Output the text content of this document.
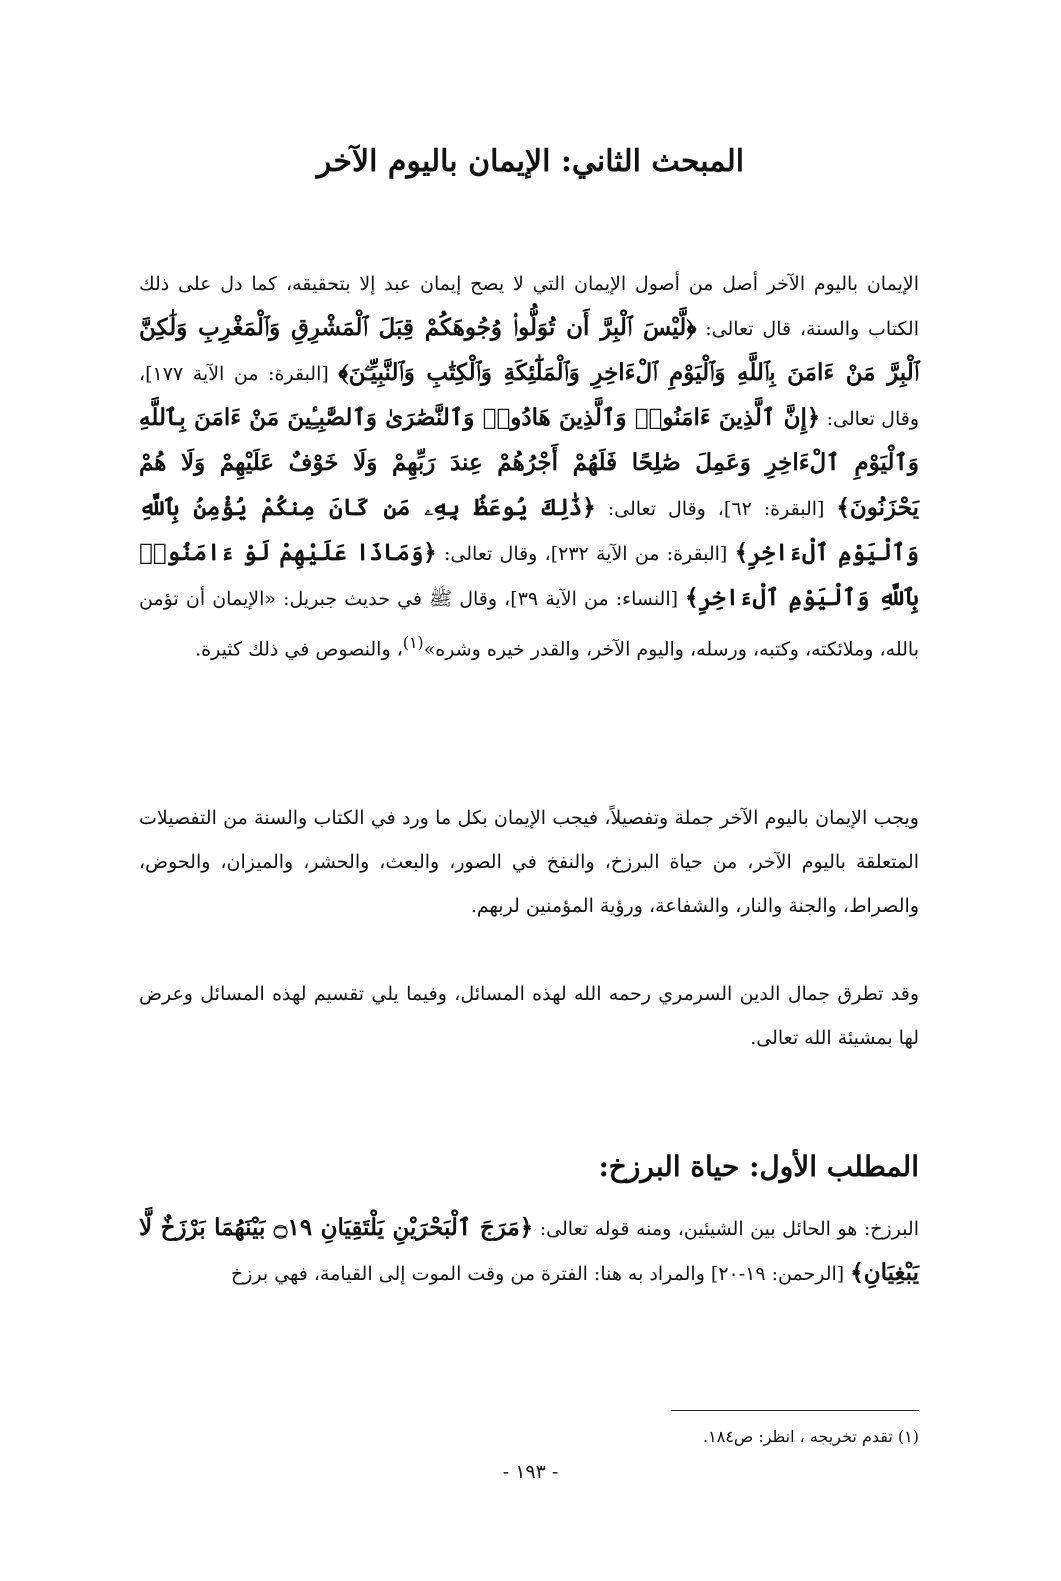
المبحث الثاني: الإيمان باليوم الآخر

الإيمان باليوم الآخر أصل من أصول الإيمان التي لا يصح إيمان عبد إلا بتحقيقه، كما دل على ذلك الكتاب والسنة، قال تعالى: ﴿لَّيْسَ ٱلْبِرَّ أَن تُوَلُّوا۟ وُجُوهَكُمْ قِبَلَ ٱلْمَشْرِقِ وَٱلْمَغْرِبِ وَلَٰكِنَّ ٱلْبِرَّ مَنْ ءَامَنَ بِٱللَّهِ وَٱلْيَوْمِ ٱلْءَاخِرِ وَٱلْمَلَٰٓئِكَةِ وَٱلْكِتَٰبِ وَٱلنَّبِيِّـۧنَ﴾ [البقرة: من الآية ١٧٧]، وقال تعالى: ﴿إِنَّ ٱلَّذِينَ ءَامَنُوا۟ وَٱلَّذِينَ هَادُوا۟ وَٱلنَّصَٰرَىٰ وَٱلصَّٰبِـِٔينَ مَنْ ءَامَنَ بِٱللَّهِ وَٱلْيَوْمِ ٱلْءَاخِرِ وَعَمِلَ صَٰلِحًا فَلَهُمْ أَجْرُهُمْ عِندَ رَبِّهِمْ وَلَا خَوْفٌ عَلَيْهِمْ وَلَا هُمْ يَحْزَنُونَ﴾ [البقرة: ٦٢]، وقال تعالى: ﴿ذَٰلِكَ يُوعَظُ بِهِۦ مَن كَانَ مِنكُمْ يُؤْمِنُ بِٱللَّهِ وَٱلْيَوْمِ ٱلْءَاخِرِ﴾ [البقرة: من الآية ٢٣٢]، وقال تعالى: ﴿وَمَاذَا عَلَيْهِمْ لَوْ ءَامَنُوا۟ بِٱللَّهِ وَٱلْيَوْمِ ٱلْءَاخِرِ﴾ [النساء: من الآية ٣٩]، وقال ﷺ في حديث جبريل: «الإيمان أن تؤمن بالله، وملائكته، وكتبه، ورسله، واليوم الآخر، والقدر خيره وشره»$^{(١)}$، والنصوص في ذلك كثيرة.

ويجب الإيمان باليوم الآخر جملة وتفصيلاً، فيجب الإيمان بكل ما ورد في الكتاب والسنة من التفصيلات المتعلقة باليوم الآخر، من حياة البرزخ، والنفخ في الصور، والبعث، والحشر، والميزان، والحوض، والصراط، والجنة والنار، والشفاعة، ورؤية المؤمنين لربهم.

وقد تطرق جمال الدين السرمري رحمه الله لهذه المسائل، وفيما يلي تقسيم لهذه المسائل وعرض لها بمشيئة الله تعالى.

المطلب الأول: حياة البرزخ:

البرزخ: هو الحائل بين الشيئين، ومنه قوله تعالى: ﴿مَرَجَ ٱلْبَحْرَيْنِ يَلْتَقِيَانِ ۝١٩ بَيْنَهُمَا بَرْزَخٌ لَّا يَبْغِيَانِ﴾ [الرحمن: ١٩-٢٠] والمراد به هنا: الفترة من وقت الموت إلى القيامة، فهي برزخ

(١) تقدم تخريجه ، انظر: ص١٨٤.

- ١٩٣ -
